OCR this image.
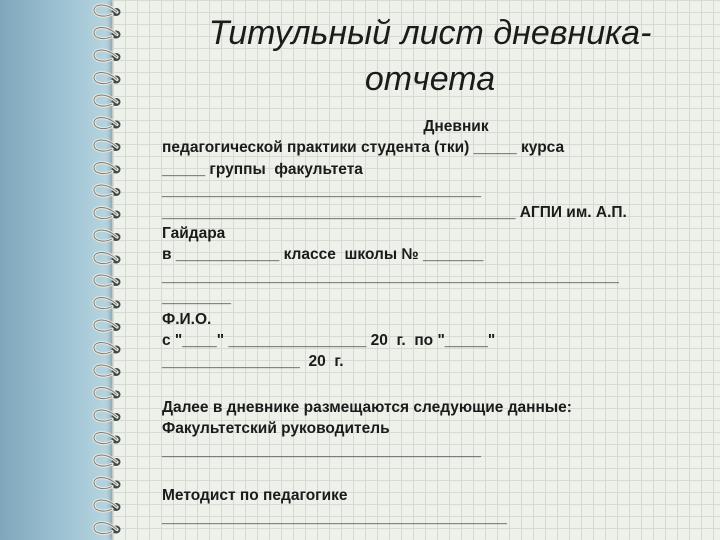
Титульный лист дневника-
отчета
Дневник
педагогической практики студента (тки) _____ курса
_____ группы  факультета
_____________________________________
_________________________________________ АГПИ им. А.П.
Гайдара
в ____________ классе  школы № _______
_____________________________________________________
________
Ф.И.О.
с "____" ________________ 20  г.  по "_____"
________________  20  г.
Далее в дневнике размещаются следующие данные:
Факультетский руководитель
_____________________________________
Методист по педагогике
________________________________________
